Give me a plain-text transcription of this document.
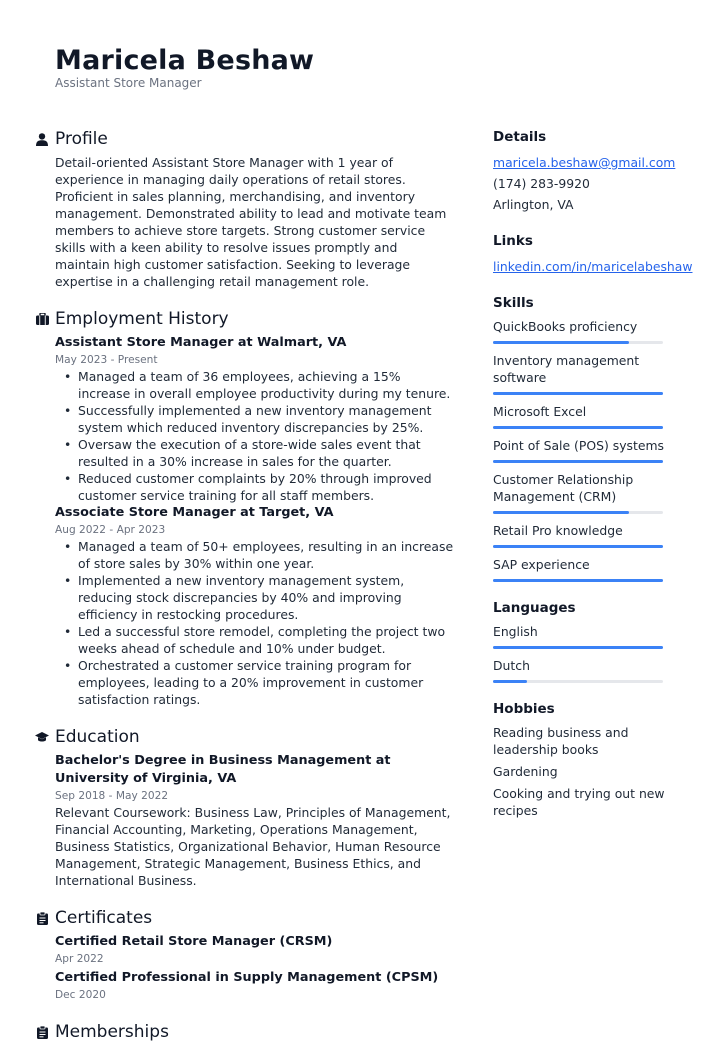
Maricela Beshaw
Assistant Store Manager
Profile
Detail-oriented Assistant Store Manager with 1 year of experience in managing daily operations of retail stores. Proficient in sales planning, merchandising, and inventory management. Demonstrated ability to lead and motivate team members to achieve store targets. Strong customer service skills with a keen ability to resolve issues promptly and maintain high customer satisfaction. Seeking to leverage expertise in a challenging retail management role.
Employment History
Assistant Store Manager at Walmart, VA
May 2023 - Present
• Managed a team of 36 employees, achieving a 15% increase in overall employee productivity during my tenure.
• Successfully implemented a new inventory management system which reduced inventory discrepancies by 25%.
• Oversaw the execution of a store-wide sales event that resulted in a 30% increase in sales for the quarter.
• Reduced customer complaints by 20% through improved customer service training for all staff members.
Associate Store Manager at Target, VA
Aug 2022 - Apr 2023
• Managed a team of 50+ employees, resulting in an increase of store sales by 30% within one year.
• Implemented a new inventory management system, reducing stock discrepancies by 40% and improving efficiency in restocking procedures.
• Led a successful store remodel, completing the project two weeks ahead of schedule and 10% under budget.
• Orchestrated a customer service training program for employees, leading to a 20% improvement in customer satisfaction ratings.
Education
Bachelor's Degree in Business Management at University of Virginia, VA
Sep 2018 - May 2022
Relevant Coursework: Business Law, Principles of Management, Financial Accounting, Marketing, Operations Management, Business Statistics, Organizational Behavior, Human Resource Management, Strategic Management, Business Ethics, and International Business.
Certificates
Certified Retail Store Manager (CRSM)
Apr 2022
Certified Professional in Supply Management (CPSM)
Dec 2020
Memberships
Details
maricela.beshaw@gmail.com
(174) 283-9920
Arlington, VA
Links
linkedin.com/in/maricelabeshaw
Skills
QuickBooks proficiency
Inventory management software
Microsoft Excel
Point of Sale (POS) systems
Customer Relationship Management (CRM)
Retail Pro knowledge
SAP experience
Languages
English
Dutch
Hobbies
Reading business and leadership books
Gardening
Cooking and trying out new recipes
